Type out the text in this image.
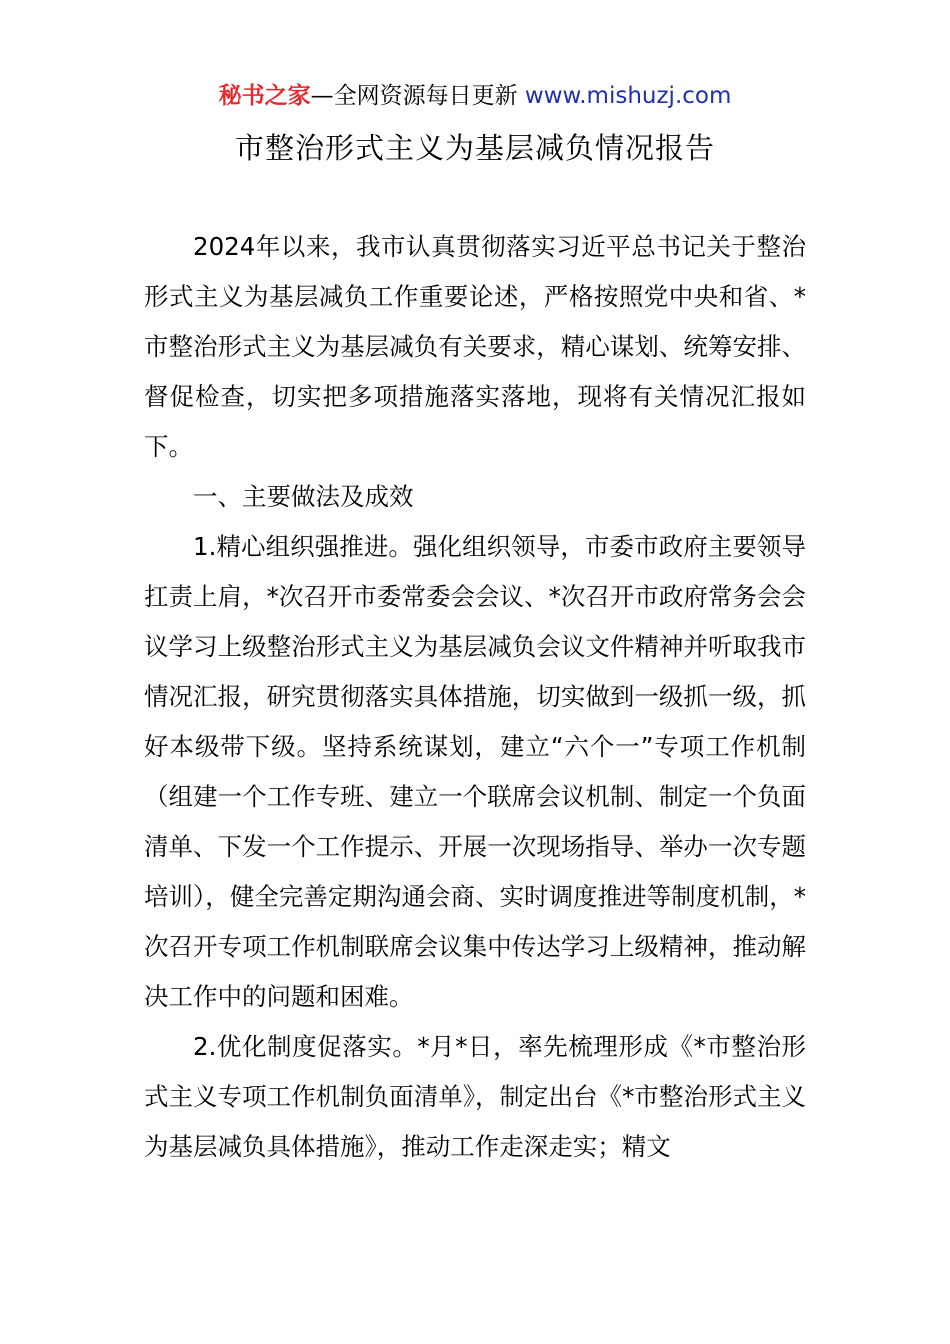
秘书之家—全网资源每日更新 www.mishuzj.com
市整治形式主义为基层减负情况报告

2024年以来，我市认真贯彻落实习近平总书记关于整治形式主义为基层减负工作重要论述，严格按照党中央和省、*市整治形式主义为基层减负有关要求，精心谋划、统筹安排、督促检查，切实把多项措施落实落地，现将有关情况汇报如下。

一、主要做法及成效

1.精心组织强推进。强化组织领导，市委市政府主要领导扛责上肩，*次召开市委常委会会议、*次召开市政府常务会会议学习上级整治形式主义为基层减负会议文件精神并听取我市情况汇报，研究贯彻落实具体措施，切实做到一级抓一级，抓好本级带下级。坚持系统谋划，建立“六个一”专项工作机制（组建一个工作专班、建立一个联席会议机制、制定一个负面清单、下发一个工作提示、开展一次现场指导、举办一次专题培训），健全完善定期沟通会商、实时调度推进等制度机制，*次召开专项工作机制联席会议集中传达学习上级精神，推动解决工作中的问题和困难。

2.优化制度促落实。*月*日，率先梳理形成《*市整治形式主义专项工作机制负面清单》，制定出台《*市整治形式主义为基层减负具体措施》，推动工作走深走实；精文
